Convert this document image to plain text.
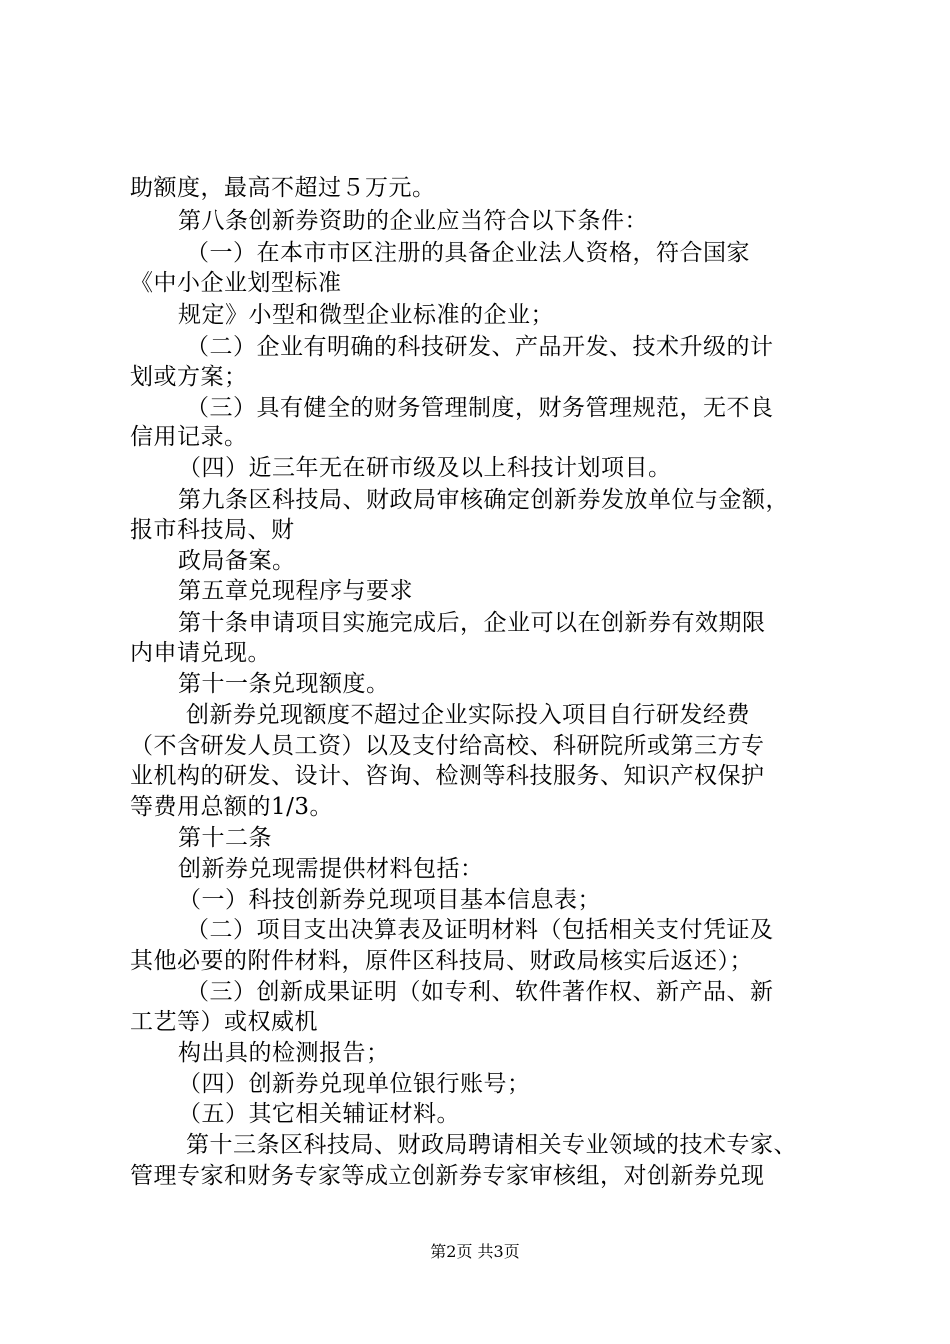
助额度，最高不超过５万元。
第八条创新券资助的企业应当符合以下条件：
（一）在本市市区注册的具备企业法人资格，符合国家
《中小企业划型标准
规定》小型和微型企业标准的企业；
（二）企业有明确的科技研发、产品开发、技术升级的计
划或方案；
（三）具有健全的财务管理制度，财务管理规范，无不良
信用记录。
（四）近三年无在研市级及以上科技计划项目。
第九条区科技局、财政局审核确定创新券发放单位与金额，
报市科技局、财
政局备案。
第五章兑现程序与要求
第十条申请项目实施完成后，企业可以在创新券有效期限
内申请兑现。
第十一条兑现额度。
创新券兑现额度不超过企业实际投入项目自行研发经费
（不含研发人员工资）以及支付给高校、科研院所或第三方专
业机构的研发、设计、咨询、检测等科技服务、知识产权保护
等费用总额的1/3。
第十二条
创新券兑现需提供材料包括：
（一）科技创新券兑现项目基本信息表；
（二）项目支出决算表及证明材料（包括相关支付凭证及
其他必要的附件材料，原件区科技局、财政局核实后返还）；
（三）创新成果证明（如专利、软件著作权、新产品、新
工艺等）或权威机
构出具的检测报告；
（四）创新券兑现单位银行账号；
（五）其它相关辅证材料。
第十三条区科技局、财政局聘请相关专业领域的技术专家、
管理专家和财务专家等成立创新券专家审核组，对创新券兑现
第2页 共3页
